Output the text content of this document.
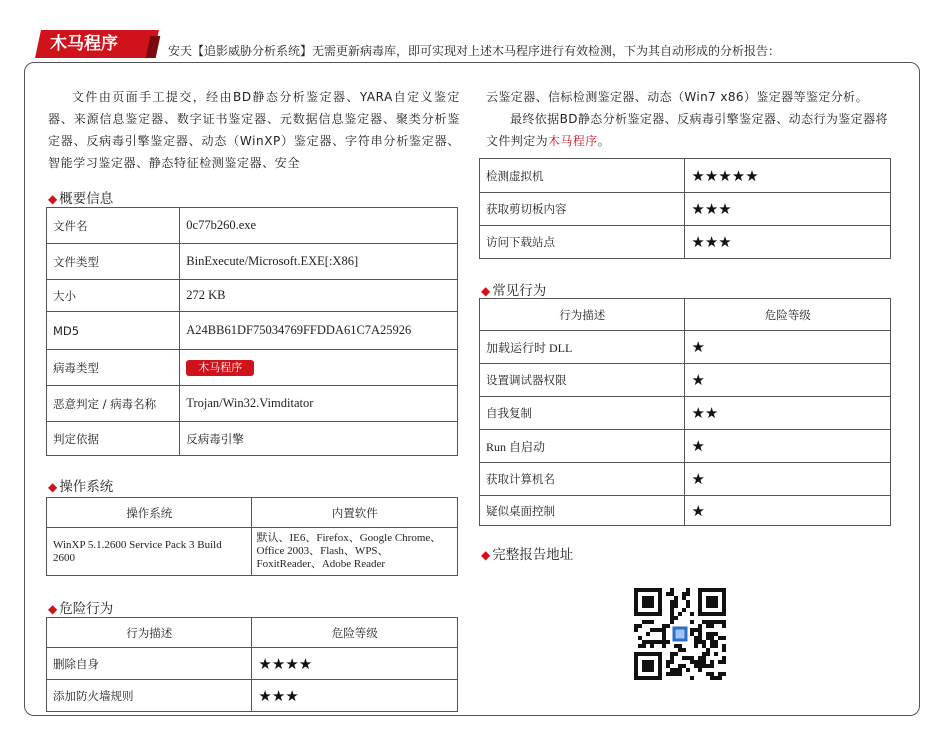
木马程序	安天【追影威胁分析系统】无需更新病毒库，即可实现对上述木马程序进行有效检测，下为其自动形成的分析报告：
文件由页面手工提交，经由BD静态分析鉴定器、YARA自定义鉴定器、来源信息鉴定器、数字证书鉴定器、元数据信息鉴定器、聚类分析鉴定器、反病毒引擎鉴定器、动态（WinXP）鉴定器、字符串分析鉴定器、智能学习鉴定器、静态特征检测鉴定器、安全
云鉴定器、信标检测鉴定器、动态（Win7 x86）鉴定器等鉴定分析。
最终依据BD静态分析鉴定器、反病毒引擎鉴定器、动态行为鉴定器将文件判定为木马程序。
◆ 概要信息
文件名	0c77b260.exe
文件类型	BinExecute/Microsoft.EXE[:X86]
大小	272 KB
MD5	A24BB61DF75034769FFDDA61C7A25926
病毒类型	木马程序
恶意判定 / 病毒名称	Trojan/Win32.Vimditator
判定依据	反病毒引擎
◆ 操作系统
操作系统	内置软件
WinXP 5.1.2600 Service Pack 3 Build 2600	默认、IE6、Firefox、Google Chrome、Office 2003、Flash、WPS、FoxitReader、Adobe Reader
◆ 危险行为
行为描述	危险等级
删除自身	★★★★
添加防火墙规则	★★★
检测虚拟机	★★★★★
获取剪切板内容	★★★
访问下载站点	★★★
◆ 常见行为
行为描述	危险等级
加载运行时 DLL	★
设置调试器权限	★
自我复制	★★
Run 自启动	★
获取计算机名	★
疑似桌面控制	★
◆ 完整报告地址
